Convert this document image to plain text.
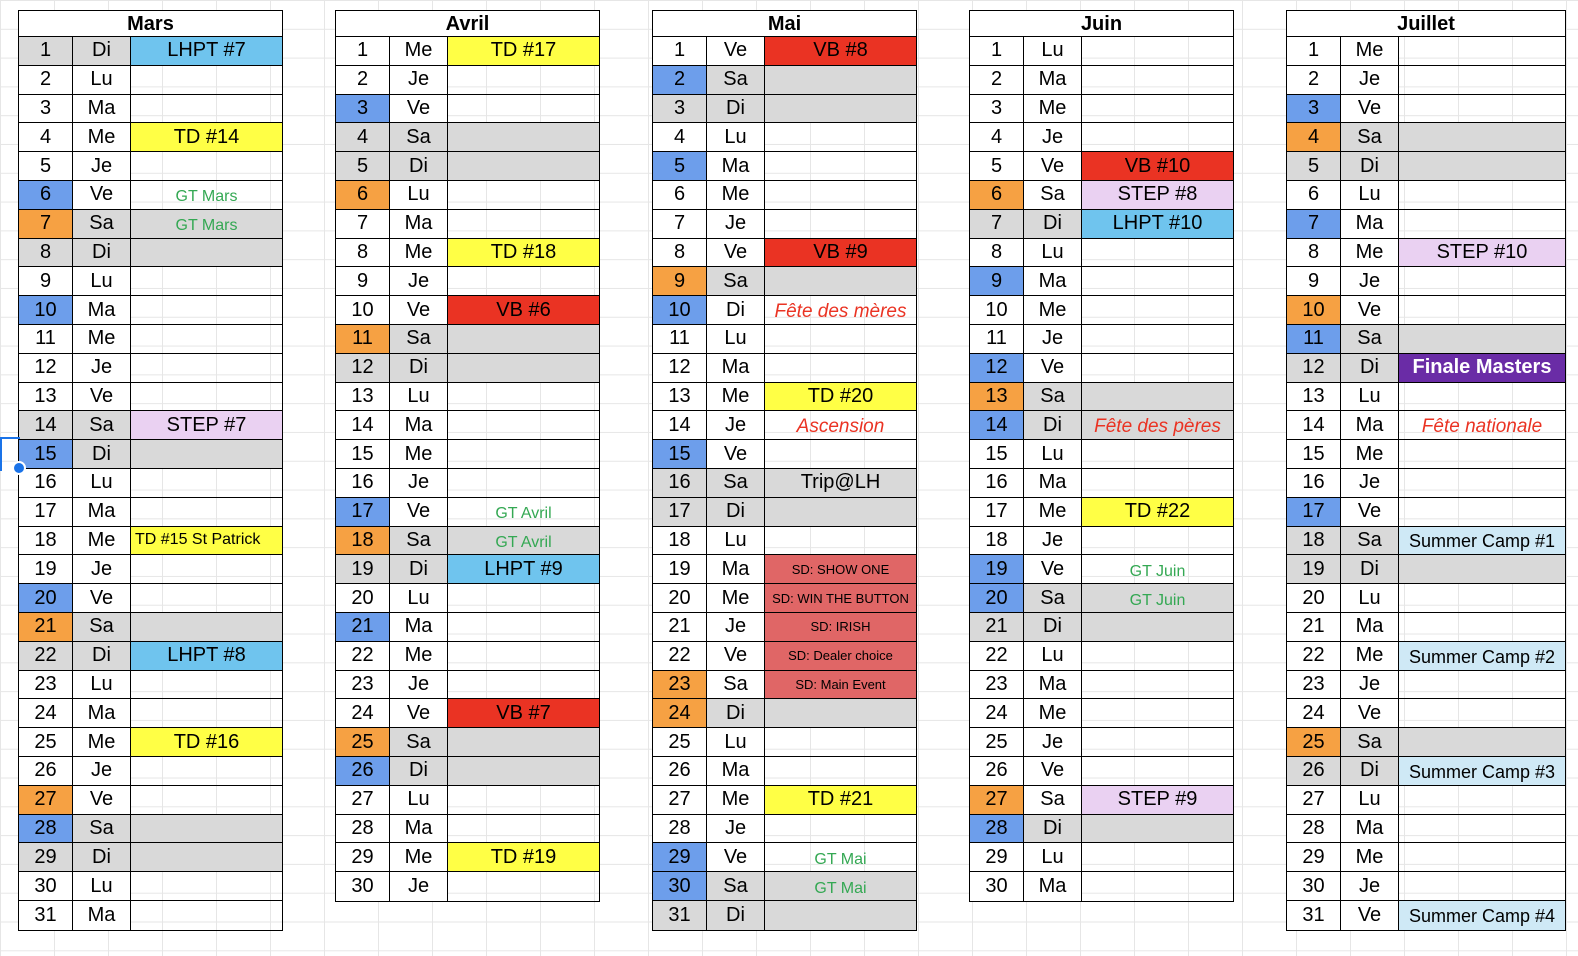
Mars
1	Di	LHPT #7
2	Lu
3	Ma
4	Me	TD #14
5	Je
6	Ve	GT Mars
7	Sa	GT Mars
8	Di
9	Lu
10	Ma
11	Me
12	Je
13	Ve
14	Sa	STEP #7
15	Di
16	Lu
17	Ma
18	Me	TD #15 St Patrick
19	Je
20	Ve
21	Sa
22	Di	LHPT #8
23	Lu
24	Ma
25	Me	TD #16
26	Je
27	Ve
28	Sa
29	Di
30	Lu
31	Ma
Avril
1	Me	TD #17
2	Je
3	Ve
4	Sa
5	Di
6	Lu
7	Ma
8	Me	TD #18
9	Je
10	Ve	VB #6
11	Sa
12	Di
13	Lu
14	Ma
15	Me
16	Je
17	Ve	GT Avril
18	Sa	GT Avril
19	Di	LHPT #9
20	Lu
21	Ma
22	Me
23	Je
24	Ve	VB #7
25	Sa
26	Di
27	Lu
28	Ma
29	Me	TD #19
30	Je
Mai
1	Ve	VB #8
2	Sa
3	Di
4	Lu
5	Ma
6	Me
7	Je
8	Ve	VB #9
9	Sa
10	Di	Fête des mères
11	Lu
12	Ma
13	Me	TD #20
14	Je	Ascension
15	Ve
16	Sa	Trip@LH
17	Di
18	Lu
19	Ma	SD: SHOW ONE
20	Me	SD: WIN THE BUTTON
21	Je	SD: IRISH
22	Ve	SD: Dealer choice
23	Sa	SD: Main Event
24	Di
25	Lu
26	Ma
27	Me	TD #21
28	Je
29	Ve	GT Mai
30	Sa	GT Mai
31	Di
Juin
1	Lu
2	Ma
3	Me
4	Je
5	Ve	VB #10
6	Sa	STEP #8
7	Di	LHPT #10
8	Lu
9	Ma
10	Me
11	Je
12	Ve
13	Sa
14	Di	Fête des pères
15	Lu
16	Ma
17	Me	TD #22
18	Je
19	Ve	GT Juin
20	Sa	GT Juin
21	Di
22	Lu
23	Ma
24	Me
25	Je
26	Ve
27	Sa	STEP #9
28	Di
29	Lu
30	Ma
Juillet
1	Me
2	Je
3	Ve
4	Sa
5	Di
6	Lu
7	Ma
8	Me	STEP #10
9	Je
10	Ve
11	Sa
12	Di	Finale Masters
13	Lu
14	Ma	Fête nationale
15	Me
16	Je
17	Ve
18	Sa	Summer Camp #1
19	Di
20	Lu
21	Ma
22	Me	Summer Camp #2
23	Je
24	Ve
25	Sa
26	Di	Summer Camp #3
27	Lu
28	Ma
29	Me
30	Je
31	Ve	Summer Camp #4
